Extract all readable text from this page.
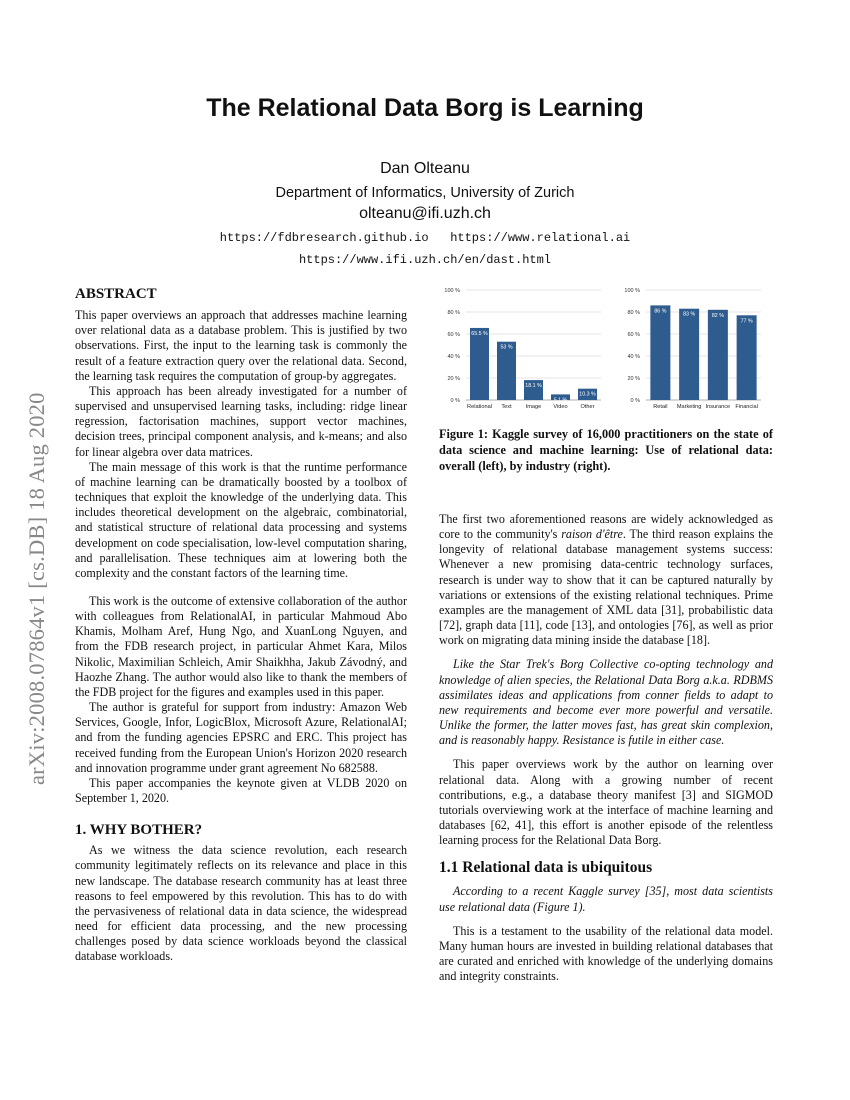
arXiv:2008.07864v1 [cs.DB] 18 Aug 2020
The Relational Data Borg is Learning
Dan Olteanu
Department of Informatics, University of Zurich
olteanu@ifi.uzh.ch
https://fdbresearch.github.io   https://www.relational.ai
https://www.ifi.uzh.ch/en/dast.html
ABSTRACT

This paper overviews an approach that addresses machine learning over relational data as a database problem. This is justified by two observations. First, the input to the learning task is commonly the result of a feature extraction query over the relational data. Second, the learning task requires the computation of group-by aggregates.

This approach has been already investigated for a number of supervised and unsupervised learning tasks, including: ridge linear regression, factorisation machines, support vector machines, decision trees, principal component analysis, and k-means; and also for linear algebra over data matrices.

The main message of this work is that the runtime performance of machine learning can be dramatically boosted by a toolbox of techniques that exploit the knowledge of the underlying data. This includes theoretical development on the algebraic, combinatorial, and statistical structure of relational data processing and systems development on code specialisation, low-level computation sharing, and parallelisation. These techniques aim at lowering both the complexity and the constant factors of the learning time.

This work is the outcome of extensive collaboration of the author with colleagues from RelationalAI, in particular Mahmoud Abo Khamis, Molham Aref, Hung Ngo, and XuanLong Nguyen, and from the FDB research project, in particular Ahmet Kara, Milos Nikolic, Maximilian Schleich, Amir Shaikhha, Jakub Závodný, and Haozhe Zhang. The author would also like to thank the members of the FDB project for the figures and examples used in this paper.

The author is grateful for support from industry: Amazon Web Services, Google, Infor, LogicBlox, Microsoft Azure, RelationalAI; and from the funding agencies EPSRC and ERC. This project has received funding from the European Union's Horizon 2020 research and innovation programme under grant agreement No 682588.

This paper accompanies the keynote given at VLDB 2020 on September 1, 2020.

1. WHY BOTHER?

As we witness the data science revolution, each research community legitimately reflects on its relevance and place in this new landscape. The database research community has at least three reasons to feel empowered by this revolution. This has to do with the pervasiveness of relational data in data science, the widespread need for efficient data processing, and the new processing challenges posed by data science workloads beyond the classical database workloads.

0 %
20 %
40 %
60 %
80 %
100 %
65.5 %
Relational
53 %
Text
18.1 %
Image
5.1 %
Video
10.3 %
Other
0 %
20 %
40 %
60 %
80 %
100 %
86 %
Retail
83 %
Marketing
82 %
Insurance
77 %
Financial
Figure 1: Kaggle survey of 16,000 practitioners on the state of data science and machine learning: Use of relational data: overall (left), by industry (right).

The first two aforementioned reasons are widely acknowledged as core to the community's raison d'être. The third reason explains the longevity of relational database management systems success: Whenever a new promising data-centric technology surfaces, research is under way to show that it can be captured naturally by variations or extensions of the existing relational techniques. Prime examples are the management of XML data [31], probabilistic data [72], graph data [11], code [13], and ontologies [76], as well as prior work on migrating data mining inside the database [18].

Like the Star Trek's Borg Collective co-opting technology and knowledge of alien species, the Relational Data Borg a.k.a. RDBMS assimilates ideas and applications from conner fields to adapt to new requirements and become ever more powerful and versatile. Unlike the former, the latter moves fast, has great skin complexion, and is reasonably happy. Resistance is futile in either case.

This paper overviews work by the author on learning over relational data. Along with a growing number of recent contributions, e.g., a database theory manifest [3] and SIGMOD tutorials overviewing work at the interface of machine learning and databases [62, 41], this effort is another episode of the relentless learning process for the Relational Data Borg.

1.1 Relational data is ubiquitous

According to a recent Kaggle survey [35], most data scientists use relational data (Figure 1).

This is a testament to the usability of the relational data model. Many human hours are invested in building relational databases that are curated and enriched with knowledge of the underlying domains and integrity constraints.
